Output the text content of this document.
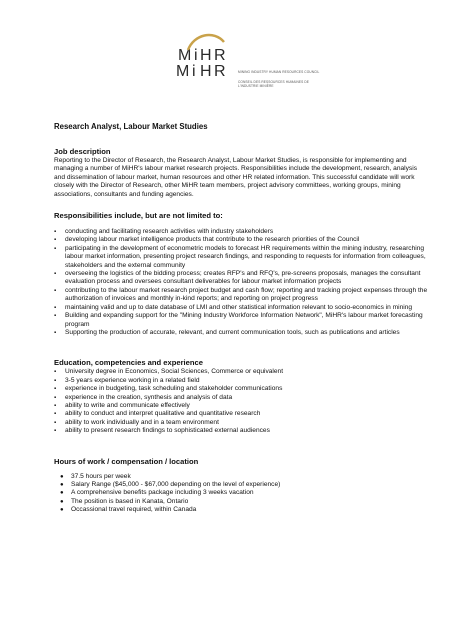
M i H R
M i H R
MINING INDUSTRY HUMAN RESOURCES COUNCIL
CONSEIL DES RESSOURCES HUMAINES DE L'INDUSTRIE MINIÈRE
Research Analyst, Labour Market Studies
Job description

Reporting to the Director of Research, the Research Analyst, Labour Market Studies, is responsible for implementing and managing a number of MiHR's labour market research projects. Responsibilities include the development, research, analysis and dissemination of labour market, human resources and other HR related information. This successful candidate will work closely with the Director of Research, other MiHR team members, project advisory committees, working groups, mining associations, consultants and funding agencies.

Responsibilities include, but are not limited to:
▪ conducting and facilitating research activities with industry stakeholders
▪ developing labour market intelligence products that contribute to the research priorities of the Council
▪ participating in the development of econometric models to forecast HR requirements within the mining industry, researching labour market information, presenting project research findings, and responding to requests for information from colleagues, stakeholders and the external community
▪ overseeing the logistics of the bidding process; creates RFP's and RFQ's, pre-screens proposals, manages the consultant evaluation process and oversees consultant deliverables for labour market information projects
▪ contributing to the labour market research project budget and cash flow; reporting and tracking project expenses through the authorization of invoices and monthly in-kind reports; and reporting on project progress
▪ maintaining valid and up to date database of LMI and other statistical information relevant to socio-economics in mining
▪ Building and expanding support for the "Mining Industry Workforce Information Network", MiHR's labour market forecasting program
▪ Supporting the production of accurate, relevant, and current communication tools, such as publications and articles
Education, competencies and experience
▪ University degree in Economics, Social Sciences, Commerce or equivalent
▪ 3-5 years experience working in a related field
▪ experience in budgeting, task scheduling and stakeholder communications
▪ experience in the creation, synthesis and analysis of data
▪ ability to write and communicate effectively
▪ ability to conduct and interpret qualitative and quantitative research
▪ ability to work individually and in a team environment
▪ ability to present research findings to sophisticated external audiences
Hours of work / compensation / location
● 37.5 hours per week
● Salary Range ($45,000 - $67,000 depending on the level of experience)
● A comprehensive benefits package including 3 weeks vacation
● The position is based in Kanata, Ontario
● Occassional travel required, within Canada
